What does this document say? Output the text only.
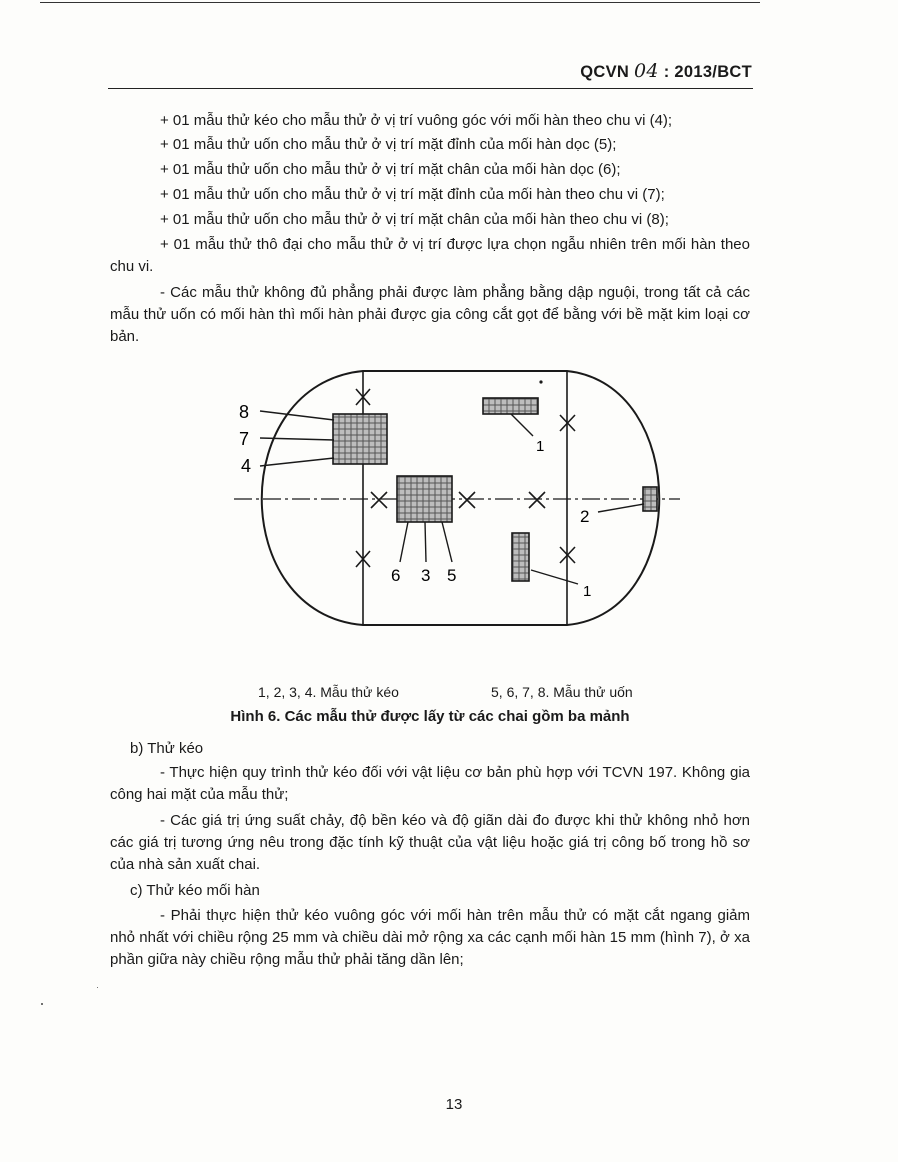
QCVN 04 : 2013/BCT

+ 01 mẫu thử kéo cho mẫu thử ở vị trí vuông góc với mối hàn theo chu vi (4);

+ 01 mẫu thử uốn cho mẫu thử ở vị trí mặt đỉnh của mối hàn dọc (5);

+ 01 mẫu thử uốn cho mẫu thử ở vị trí mặt chân của mối hàn dọc (6);

+ 01 mẫu thử uốn cho mẫu thử ở vị trí mặt đỉnh của mối hàn theo chu vi (7);

+ 01 mẫu thử uốn cho mẫu thử ở vị trí mặt chân của mối hàn theo chu vi (8);

+ 01 mẫu thử thô đại cho mẫu thử ở vị trí được lựa chọn ngẫu nhiên trên mối hàn theo chu vi.

- Các mẫu thử không đủ phẳng phải được làm phẳng bằng dập nguội, trong tất cả các mẫu thử uốn có mối hàn thì mối hàn phải được gia công cắt gọt để bằng với bề mặt kim loại cơ bản.

8
7
4
1
2
6 3 5
1
1, 2, 3, 4. Mẫu thử kéo	5, 6, 7, 8. Mẫu thử uốn
Hình 6. Các mẫu thử được lấy từ các chai gồm ba mảnh

b) Thử kéo

- Thực hiện quy trình thử kéo đối với vật liệu cơ bản phù hợp với TCVN 197. Không gia công hai mặt của mẫu thử;

- Các giá trị ứng suất chảy, độ bền kéo và độ giãn dài đo được khi thử không nhỏ hơn các giá trị tương ứng nêu trong đặc tính kỹ thuật của vật liệu hoặc giá trị công bố trong hồ sơ của nhà sản xuất chai.

c) Thử kéo mối hàn

- Phải thực hiện thử kéo vuông góc với mối hàn trên mẫu thử có mặt cắt ngang giảm nhỏ nhất với chiều rộng 25 mm và chiều dài mở rộng xa các cạnh mối hàn 15 mm (hình 7), ở xa phần giữa này chiều rộng mẫu thử phải tăng dần lên;

13
